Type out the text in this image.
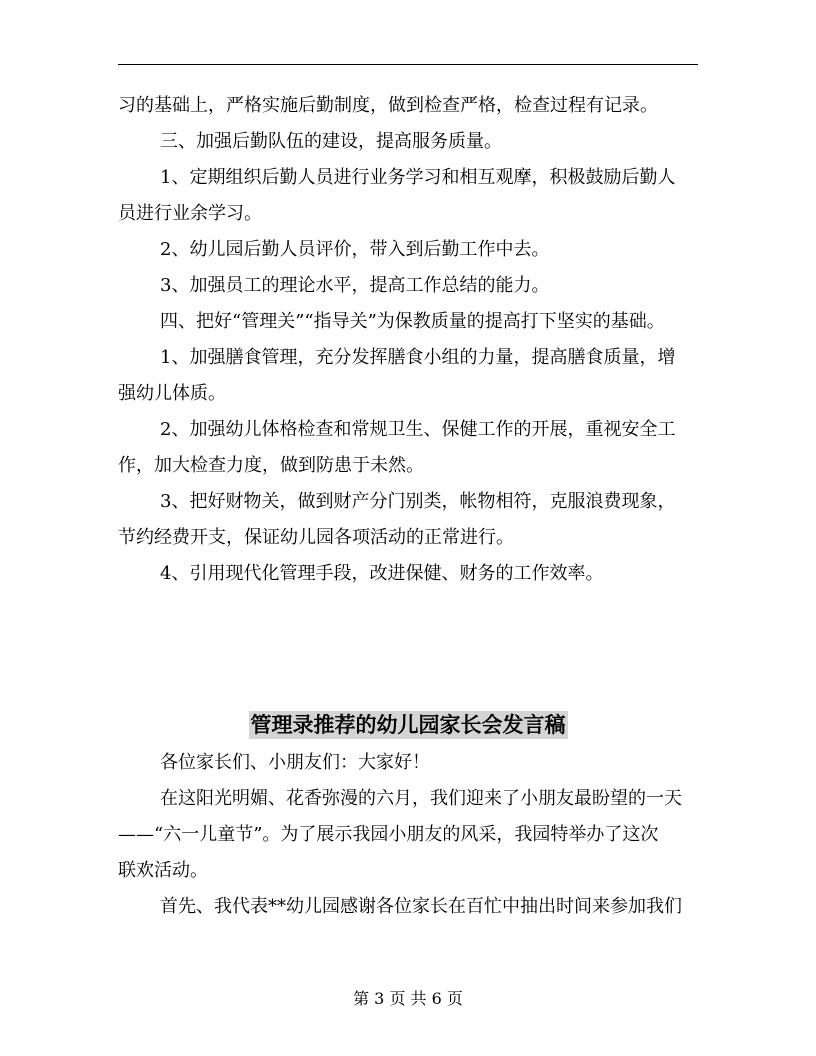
习的基础上，严格实施后勤制度，做到检查严格，检查过程有记录。
三、加强后勤队伍的建设，提高服务质量。
1、定期组织后勤人员进行业务学习和相互观摩，积极鼓励后勤人
员进行业余学习。
2、幼儿园后勤人员评价，带入到后勤工作中去。
3、加强员工的理论水平，提高工作总结的能力。
四、把好“管理关”“指导关”为保教质量的提高打下坚实的基础。
1、加强膳食管理，充分发挥膳食小组的力量，提高膳食质量，增
强幼儿体质。
2、加强幼儿体格检查和常规卫生、保健工作的开展，重视安全工
作，加大检查力度，做到防患于未然。
3、把好财物关，做到财产分门别类，帐物相符，克服浪费现象，
节约经费开支，保证幼儿园各项活动的正常进行。
4、引用现代化管理手段，改进保健、财务的工作效率。
管理录推荐的幼儿园家长会发言稿
各位家长们、小朋友们：大家好！
在这阳光明媚、花香弥漫的六月，我们迎来了小朋友最盼望的一天
——“六一儿童节”。为了展示我园小朋友的风采，我园特举办了这次
联欢活动。
首先、我代表**幼儿园感谢各位家长在百忙中抽出时间来参加我们
第 3 页 共 6 页
